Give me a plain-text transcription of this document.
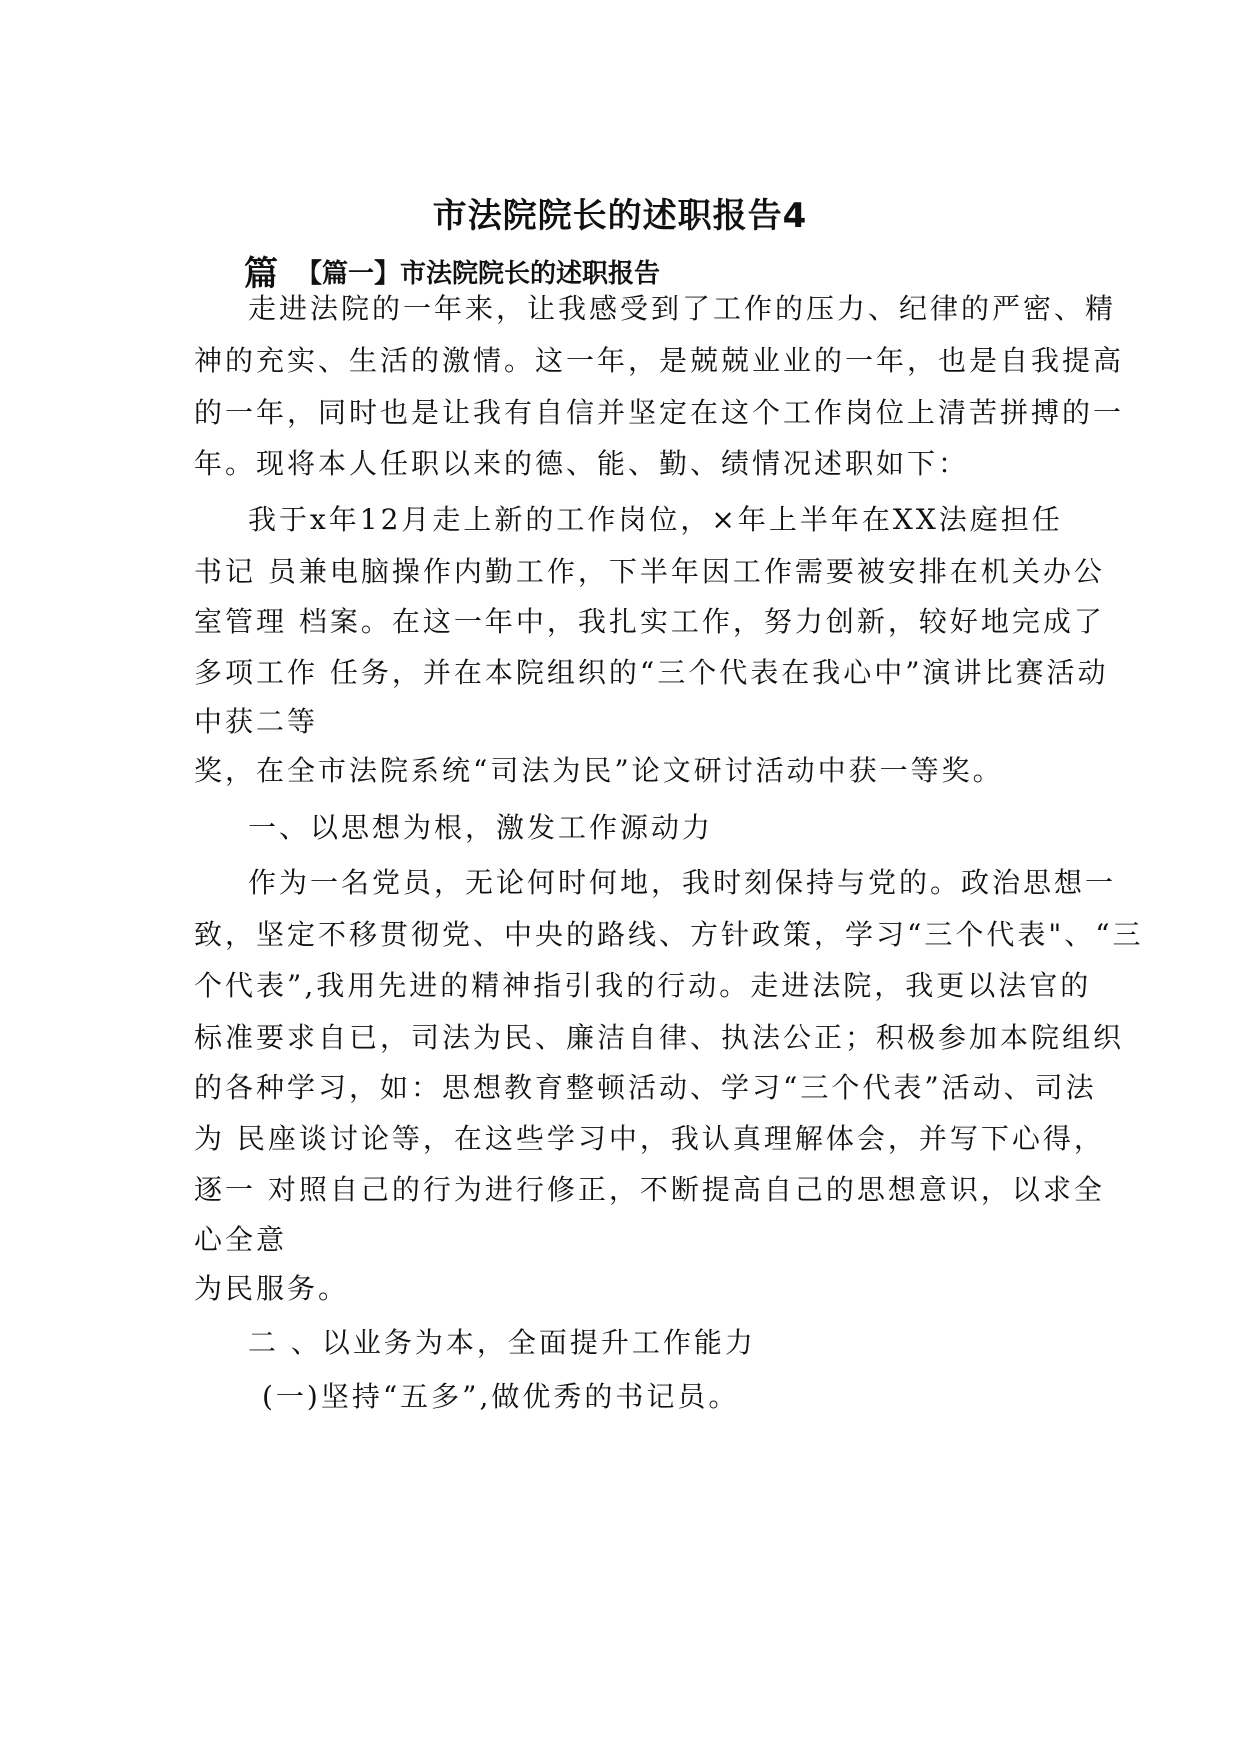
市法院院长的述职报告4
篇 【篇一】市法院院长的述职报告
走进法院的一年来，让我感受到了工作的压力、纪律的严密、精
神的充实、生活的激情。这一年，是兢兢业业的一年，也是自我提高
的一年，同时也是让我有自信并坚定在这个工作岗位上清苦拼搏的一
年。现将本人任职以来的德、能、勤、绩情况述职如下：
我于x年12月走上新的工作岗位，×年上半年在XX法庭担任
书记 员兼电脑操作内勤工作，下半年因工作需要被安排在机关办公
室管理 档案。在这一年中，我扎实工作，努力创新，较好地完成了
多项工作 任务，并在本院组织的“三个代表在我心中”演讲比赛活动
中获二等
奖，在全市法院系统“司法为民”论文研讨活动中获一等奖。
一、以思想为根，激发工作源动力
作为一名党员，无论何时何地，我时刻保持与党的。政治思想一
致，坚定不移贯彻党、中央的路线、方针政策，学习“三个代表"、“三
个代表”,我用先进的精神指引我的行动。走进法院，我更以法官的
标准要求自已，司法为民、廉洁自律、执法公正；积极参加本院组织
的各种学习，如：思想教育整顿活动、学习“三个代表”活动、司法
为 民座谈讨论等，在这些学习中，我认真理解体会，并写下心得，
逐一 对照自己的行为进行修正，不断提高自己的思想意识，以求全
心全意
为民服务。
二 、以业务为本，全面提升工作能力
(一)坚持“五多”,做优秀的书记员。
